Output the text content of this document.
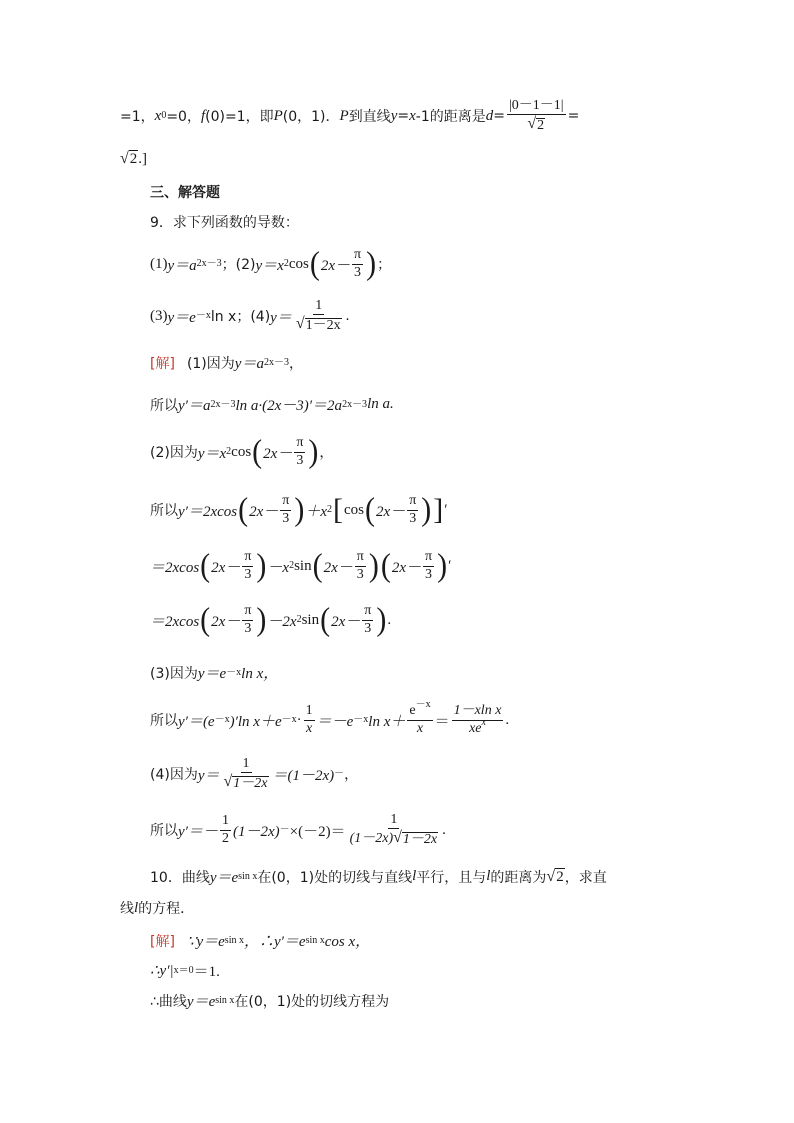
=1， x 0 =0， f (0)=1，即 P (0，1)． P 到直线 y = x -1的距离是 $d = \frac{|0-1-1|}{√ 2}$ =
√ 2 .]
三、解答题
9．求下列函数的导数：
(1) y＝a 2x－3 ；(2) y＝x 2 cos ( $2x- \frac{\pi}{3}$ ) ；
(3) y＝e －x ln x；(4) $y= \frac{1}{√ 1-2x}$ .
[解] (1)因为 y＝a 2x－3 ，
所以 y′＝a 2x－3 ln a·(2x－3)′＝2a 2x－3 ln a.
(2)因为 y＝x 2 cos ( $2x- \frac{\pi}{3}$ ) ，
所以 y′＝2xcos ( $2x- \frac{\pi}{3}$ ) ＋x 2 [ cos ( $2x- \frac{\pi}{3}$ ) ] ′
＝2xcos ( $2x- \frac{\pi}{3}$ ) －x 2 sin ( $2x- \frac{\pi}{3}$ ) ( $2x- \frac{\pi}{3}$ ) ′
＝2xcos ( $2x- \frac{\pi}{3}$ ) －2x 2 sin ( $2x- \frac{\pi}{3}$ ) .
(3)因为 y＝e －x ln x，
所以 y′＝(e －x )′ln $x+e -x \cdot \frac{1}{x} =-e -x$ $\ln x+ \frac{e^{-x}}{x} = \frac{\text{1－xln x}}{xe^x}$ .
(4)因为 $y= \frac{1}{√ 1-2x} =(1-2x)$ － ，
所以 $y'=- \frac{1}{2} (1-2x) - \times(-2)= \frac{1}{(1-2x) √ 1-2x}$ .
10．曲线 y＝e sin x 在(0，1)处的切线与直线 l 平行，且与 l 的距离为 √ 2 ，求直
线 l 的方程．
[解] ∵y＝e sin x ，∴y′＝e sin x cos x，
∴y′| x＝0 ＝1.
∴曲线 y＝e sin x 在(0，1)处的切线方程为
